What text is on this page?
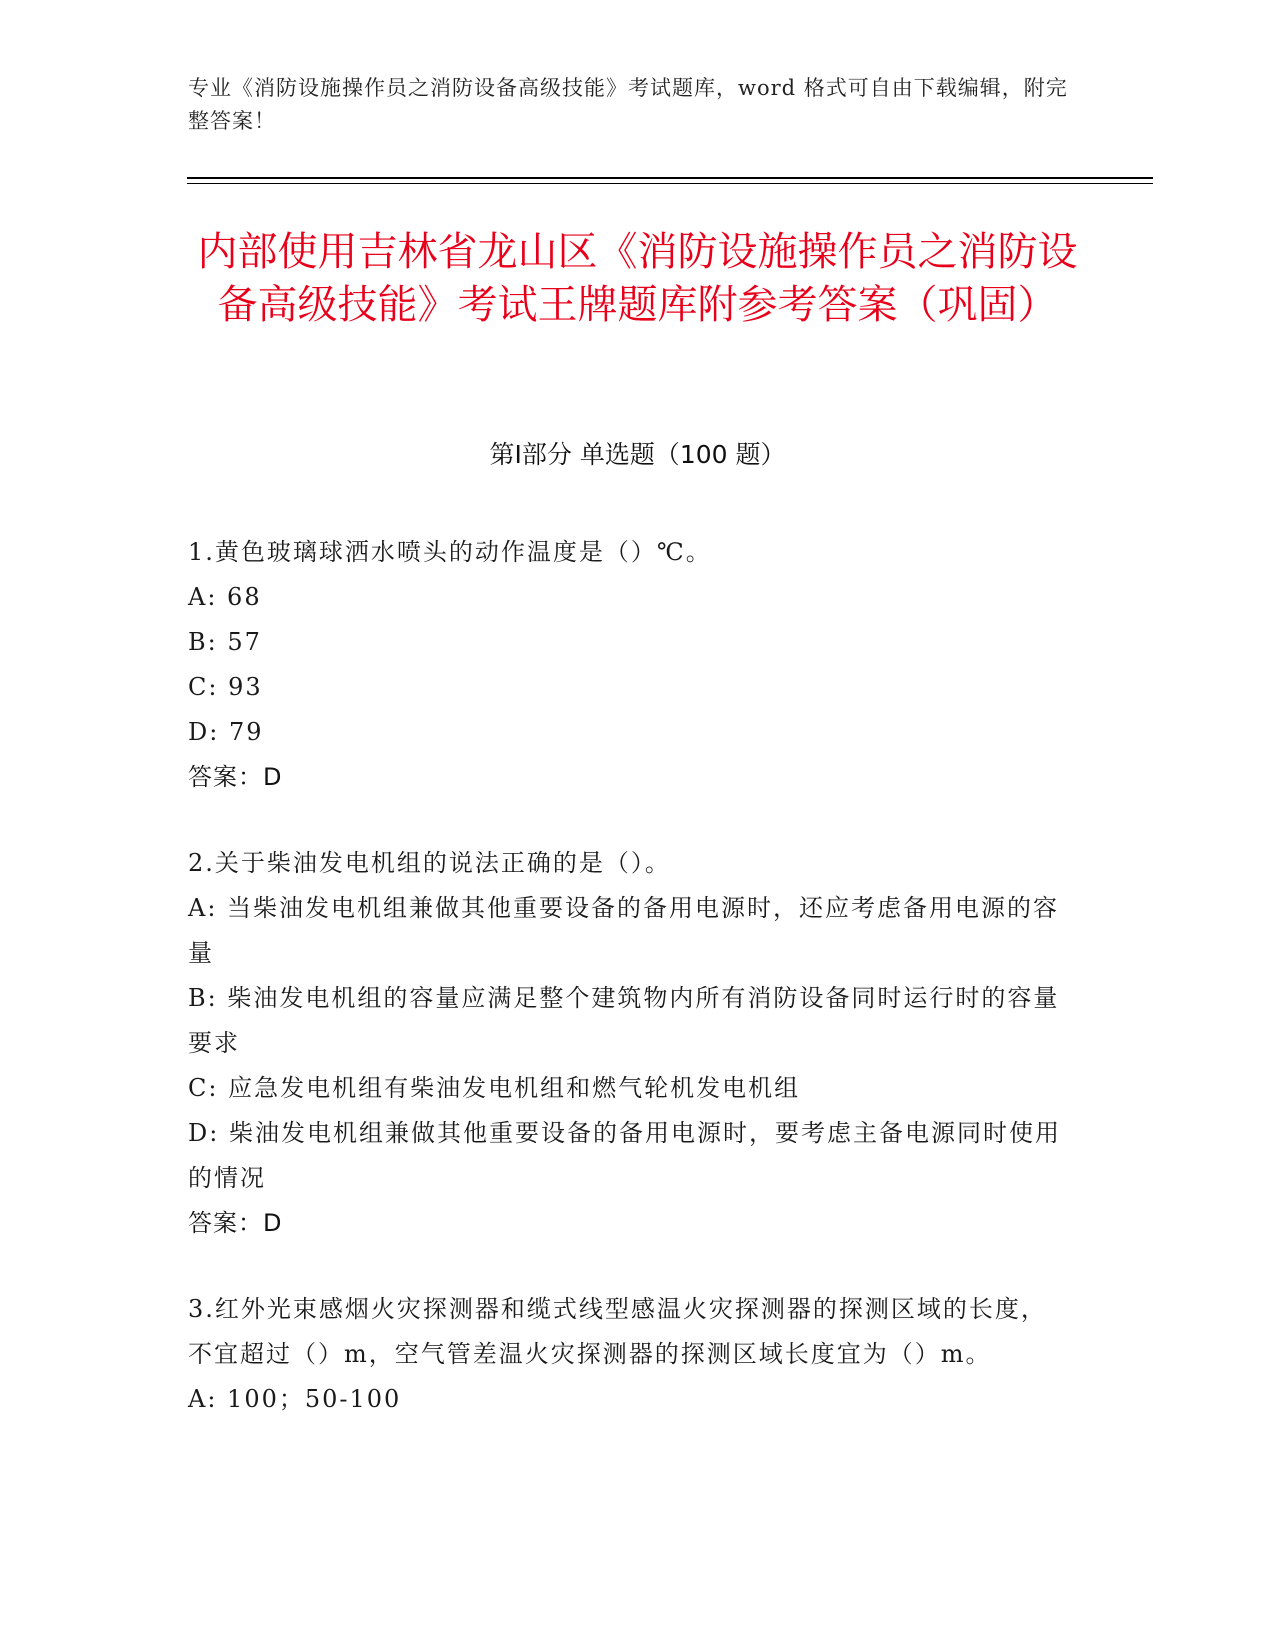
专业《消防设施操作员之消防设备高级技能》考试题库，word 格式可自由下载编辑，附完整答案！
内部使用吉林省龙山区《消防设施操作员之消防设备高级技能》考试王牌题库附参考答案（巩固）
第Ⅰ部分 单选题（100 题）
1.黄色玻璃球洒水喷头的动作温度是（）℃。
A: 68
B: 57
C: 93
D: 79
答案：D
2.关于柴油发电机组的说法正确的是（）。
A: 当柴油发电机组兼做其他重要设备的备用电源时，还应考虑备用电源的容量
B: 柴油发电机组的容量应满足整个建筑物内所有消防设备同时运行时的容量要求
C: 应急发电机组有柴油发电机组和燃气轮机发电机组
D: 柴油发电机组兼做其他重要设备的备用电源时，要考虑主备电源同时使用的情况
答案：D
3.红外光束感烟火灾探测器和缆式线型感温火灾探测器的探测区域的长度，不宜超过（）m，空气管差温火灾探测器的探测区域长度宜为（）m。
A: 100；50-100
